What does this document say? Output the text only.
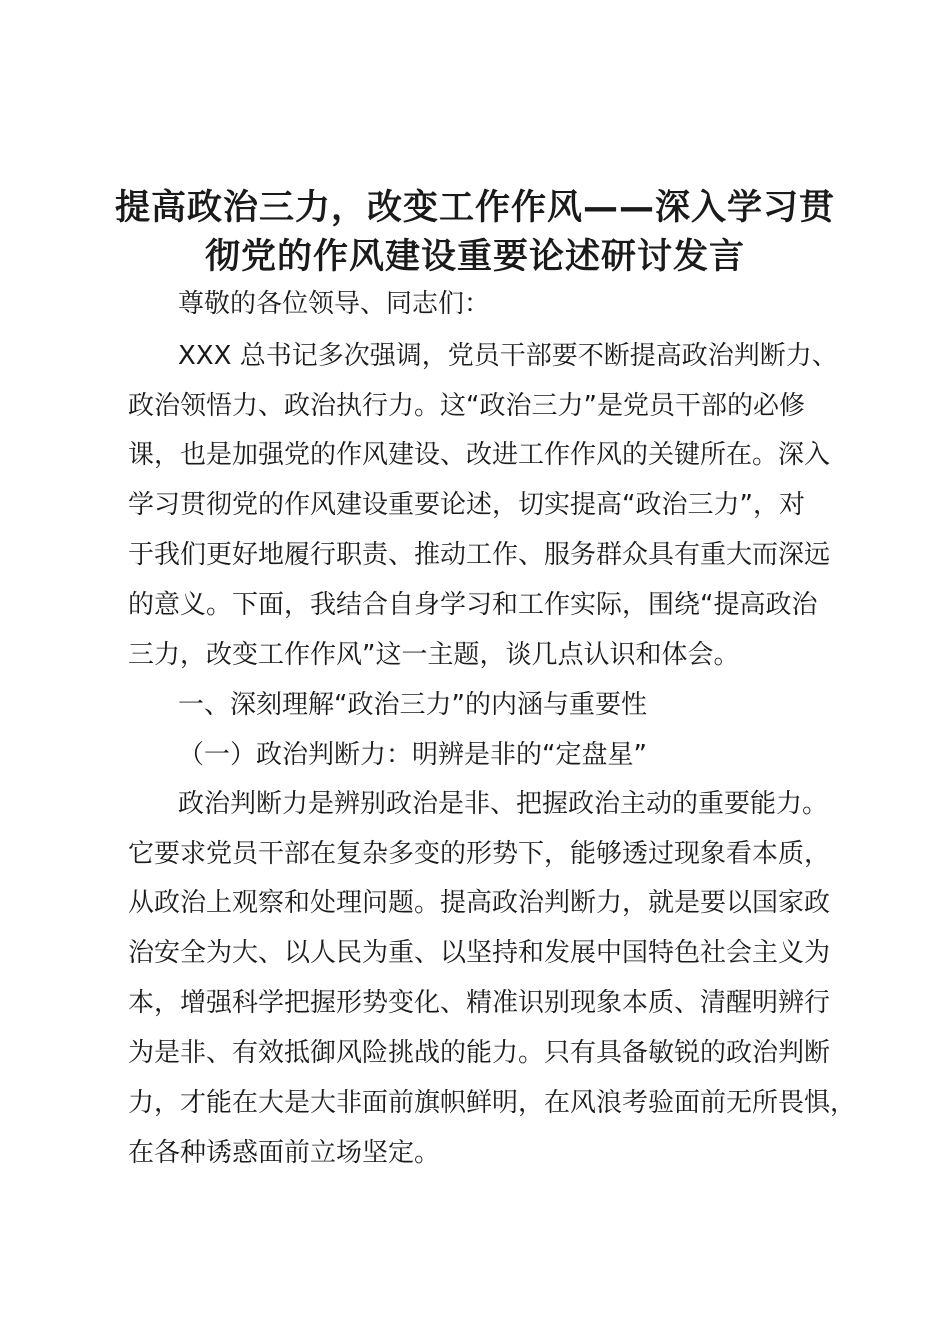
提高政治三力，改变工作作风——深入学习贯
彻党的作风建设重要论述研讨发言
尊敬的各位领导、同志们：
XXX 总书记多次强调，党员干部要不断提高政治判断力、
政治领悟力、政治执行力。这“政治三力”是党员干部的必修
课，也是加强党的作风建设、改进工作作风的关键所在。深入
学习贯彻党的作风建设重要论述，切实提高“政治三力”，对
于我们更好地履行职责、推动工作、服务群众具有重大而深远
的意义。下面，我结合自身学习和工作实际，围绕“提高政治
三力，改变工作作风”这一主题，谈几点认识和体会。
一、深刻理解“政治三力”的内涵与重要性
（一）政治判断力：明辨是非的“定盘星”
政治判断力是辨别政治是非、把握政治主动的重要能力。
它要求党员干部在复杂多变的形势下，能够透过现象看本质，
从政治上观察和处理问题。提高政治判断力，就是要以国家政
治安全为大、以人民为重、以坚持和发展中国特色社会主义为
本，增强科学把握形势变化、精准识别现象本质、清醒明辨行
为是非、有效抵御风险挑战的能力。只有具备敏锐的政治判断
力，才能在大是大非面前旗帜鲜明，在风浪考验面前无所畏惧，
在各种诱惑面前立场坚定。
